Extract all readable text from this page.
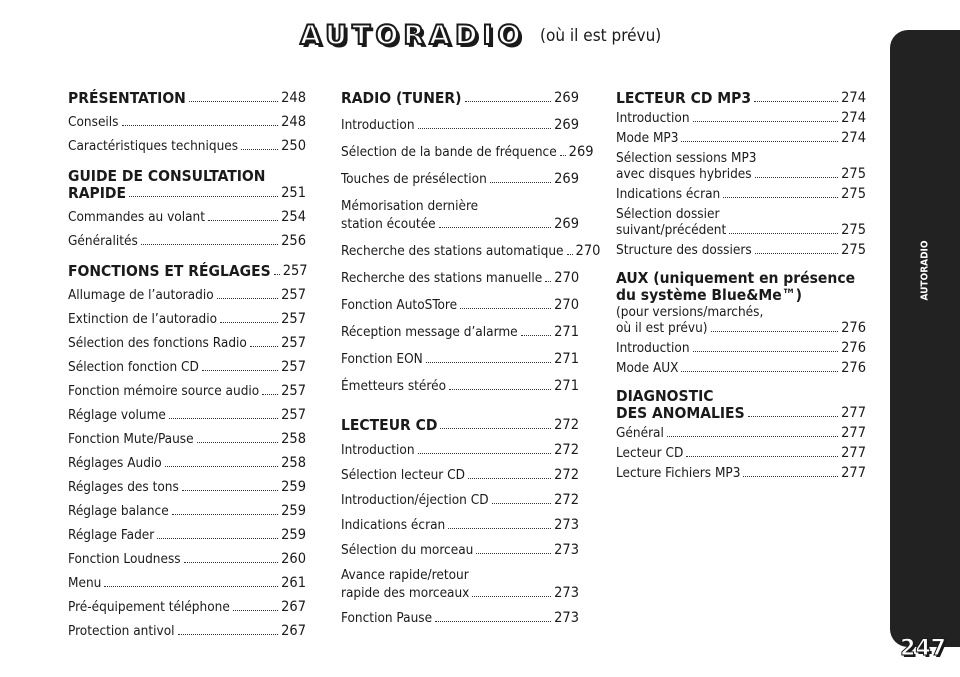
AUTORADIO (où il est prévu)
AUTORADIO
247
PRÉSENTATION	248
Conseils	248
Caractéristiques techniques	250
GUIDE DE CONSULTATION
RAPIDE	251
Commandes au volant	254
Généralités	256
FONCTIONS ET RÉGLAGES 257
Allumage de l’autoradio	257
Extinction de l’autoradio	257
Sélection des fonctions Radio 257
Sélection fonction CD	257
Fonction mémoire source audio 257
Réglage volume	257
Fonction Mute/Pause	258
Réglages Audio	258
Réglages des tons	259
Réglage balance	259
Réglage Fader	259
Fonction Loudness	260
Menu	261
Pré-équipement téléphone	267
Protection antivol	267
RADIO (TUNER)	269
Introduction	269
Sélection de la bande de fréquence 269
Touches de présélection	269
Mémorisation dernière
station écoutée	269
Recherche des stations automatique 270
Recherche des stations manuelle 270
Fonction AutoSTore	270
Réception message d’alarme	271
Fonction EON	271
Émetteurs stéréo	271
LECTEUR CD	272
Introduction	272
Sélection lecteur CD	272
Introduction/éjection CD	272
Indications écran	273
Sélection du morceau	273
Avance rapide/retour
rapide des morceaux	273
Fonction Pause	273
LECTEUR CD MP3	274
Introduction	274
Mode MP3	274
Sélection sessions MP3
avec disques hybrides	275
Indications écran	275
Sélection dossier
suivant/précédent	275
Structure des dossiers	275
AUX (uniquement en présence
du système Blue&Me™)
(pour versions/marchés,
où il est prévu)	276
Introduction	276
Mode AUX	276
DIAGNOSTIC
DES ANOMALIES	277
Général	277
Lecteur CD	277
Lecture Fichiers MP3	277
